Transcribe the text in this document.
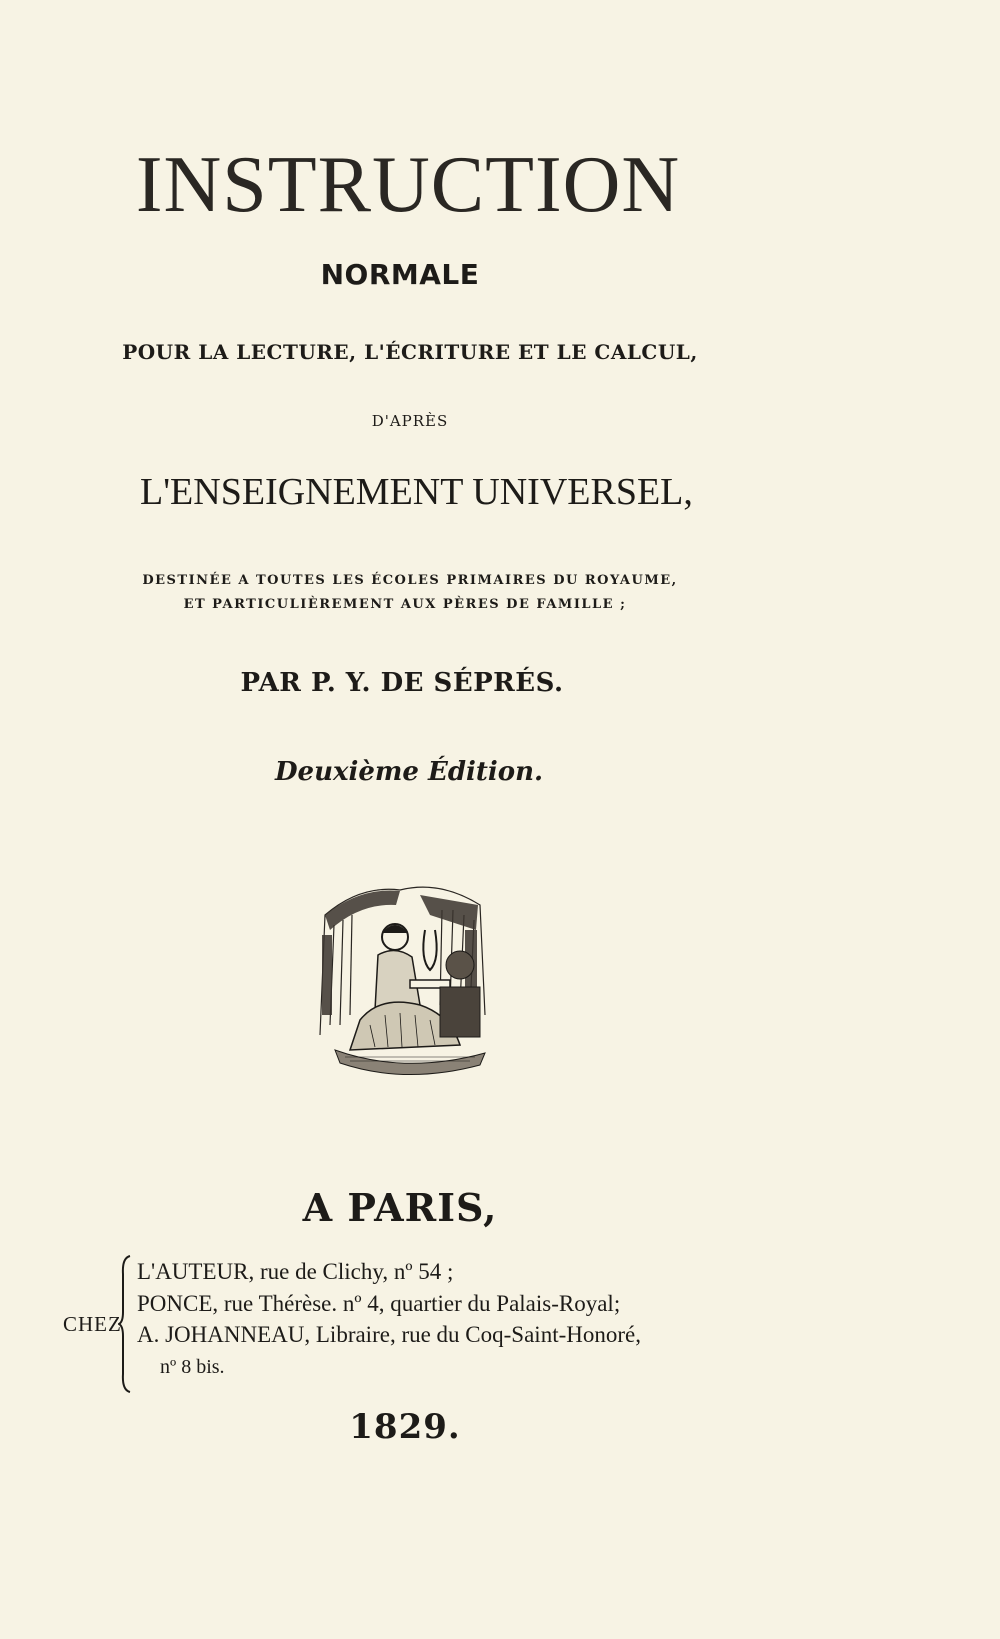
INSTRUCTION
NORMALE
POUR LA LECTURE, L'ÉCRITURE ET LE CALCUL,
D'APRÈS
L'ENSEIGNEMENT UNIVERSEL,
DESTINÉE A TOUTES LES ÉCOLES PRIMAIRES DU ROYAUME,
ET PARTICULIÈREMENT AUX PÈRES DE FAMILLE ;
PAR P. Y. DE SÉPRÉS.
Deuxième Édition.
A PARIS,
CHEZ
L'AUTEUR, rue de Clichy, nº 54 ;
PONCE, rue Thérèse. nº 4, quartier du Palais-Royal;
A. JOHANNEAU, Libraire, rue du Coq-Saint-Honoré,
nº 8 bis.
1829.
